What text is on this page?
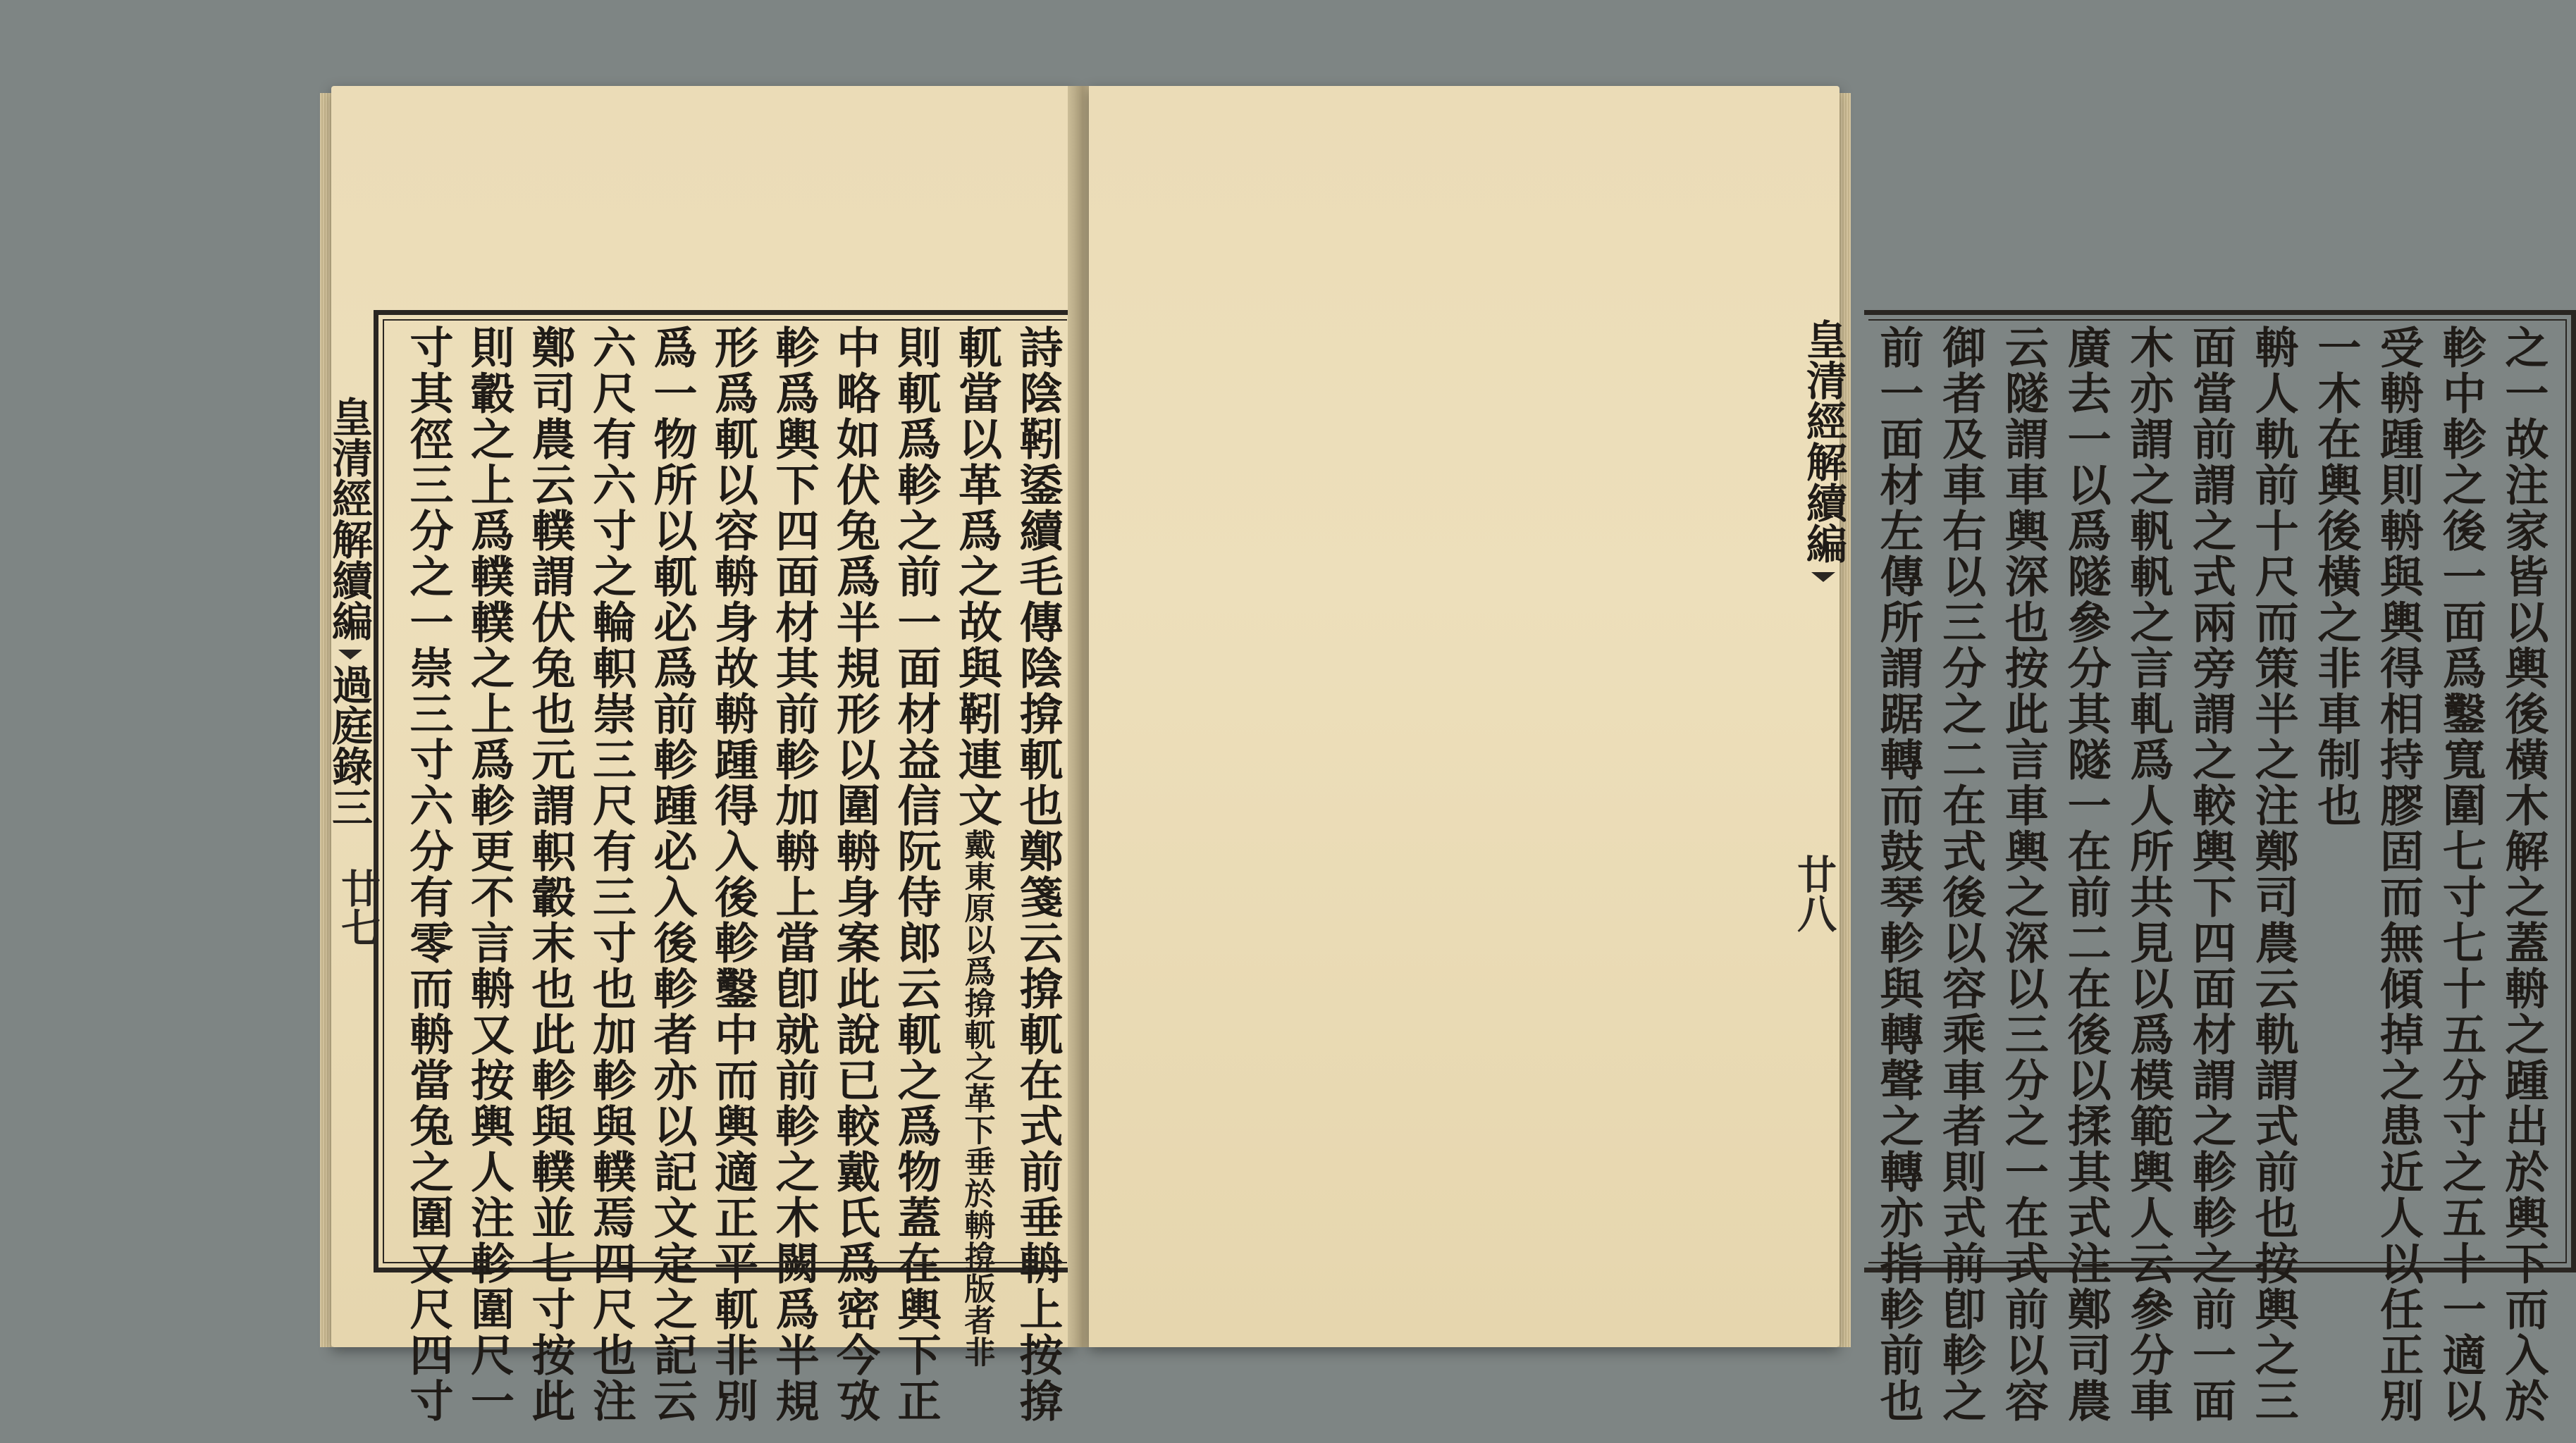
詩陰靷鋈續毛傳陰揜軏也鄭箋云揜軏在式前垂輈上按揜
軏當以革爲之故與靷連文戴東原以爲揜軏之革下垂於輈揜版者非
則軏爲軫之前一面材益信阮侍郎云軏之爲物蓋在輿下正
中略如伏兔爲半規形以圍輈身案此說已較戴氏爲密今攷
軫爲輿下四面材其前軫加輈上當卽就前軫之木闕爲半規
形爲軏以容輈身故輈踵得入後軫鑿中而輿適正平軏非別
爲一物所以軏必爲前軫踵必入後軫者亦以記文定之記云
六尺有六寸之輪軹崇三尺有三寸也加軫與轐焉四尺也注
鄭司農云轐謂伏兔也元謂軹轂末也此軫與轐並七寸按此
則轂之上爲轐轐之上爲軫更不言輈又按輿人注軫圍尺一
寸其徑三分之一崇三寸六分有零而輈當兔之圍又尺四寸
皇清經解續編
過庭錄三
廿七	之一故注家皆以輿後橫木解之蓋輈之踵出於輿下而入於
軫中軫之後一面爲鑿寬圍七寸七十五分寸之五十一適以
受輈踵則輈與輿得相持膠固而無傾掉之患近人以任正別
一木在輿後橫之非車制也
輈人軌前十尺而策半之注鄭司農云軌謂式前也按輿之三
面當前謂之式兩旁謂之較輿下四面材謂之軫軫之前一面
木亦謂之軓軓之言軋爲人所共見以爲模範輿人云參分車
廣去一以爲隧參分其隧一在前二在後以揉其式注鄭司農
云隧謂車輿深也按此言車輿之深以三分之一在式前以容
御者及車右以三分之二在式後以容乘車者則式前卽軫之
前一面材左傳所謂踞轉而鼓琴軫與轉聲之轉亦指軫前也
皇清經解續編
廿八
